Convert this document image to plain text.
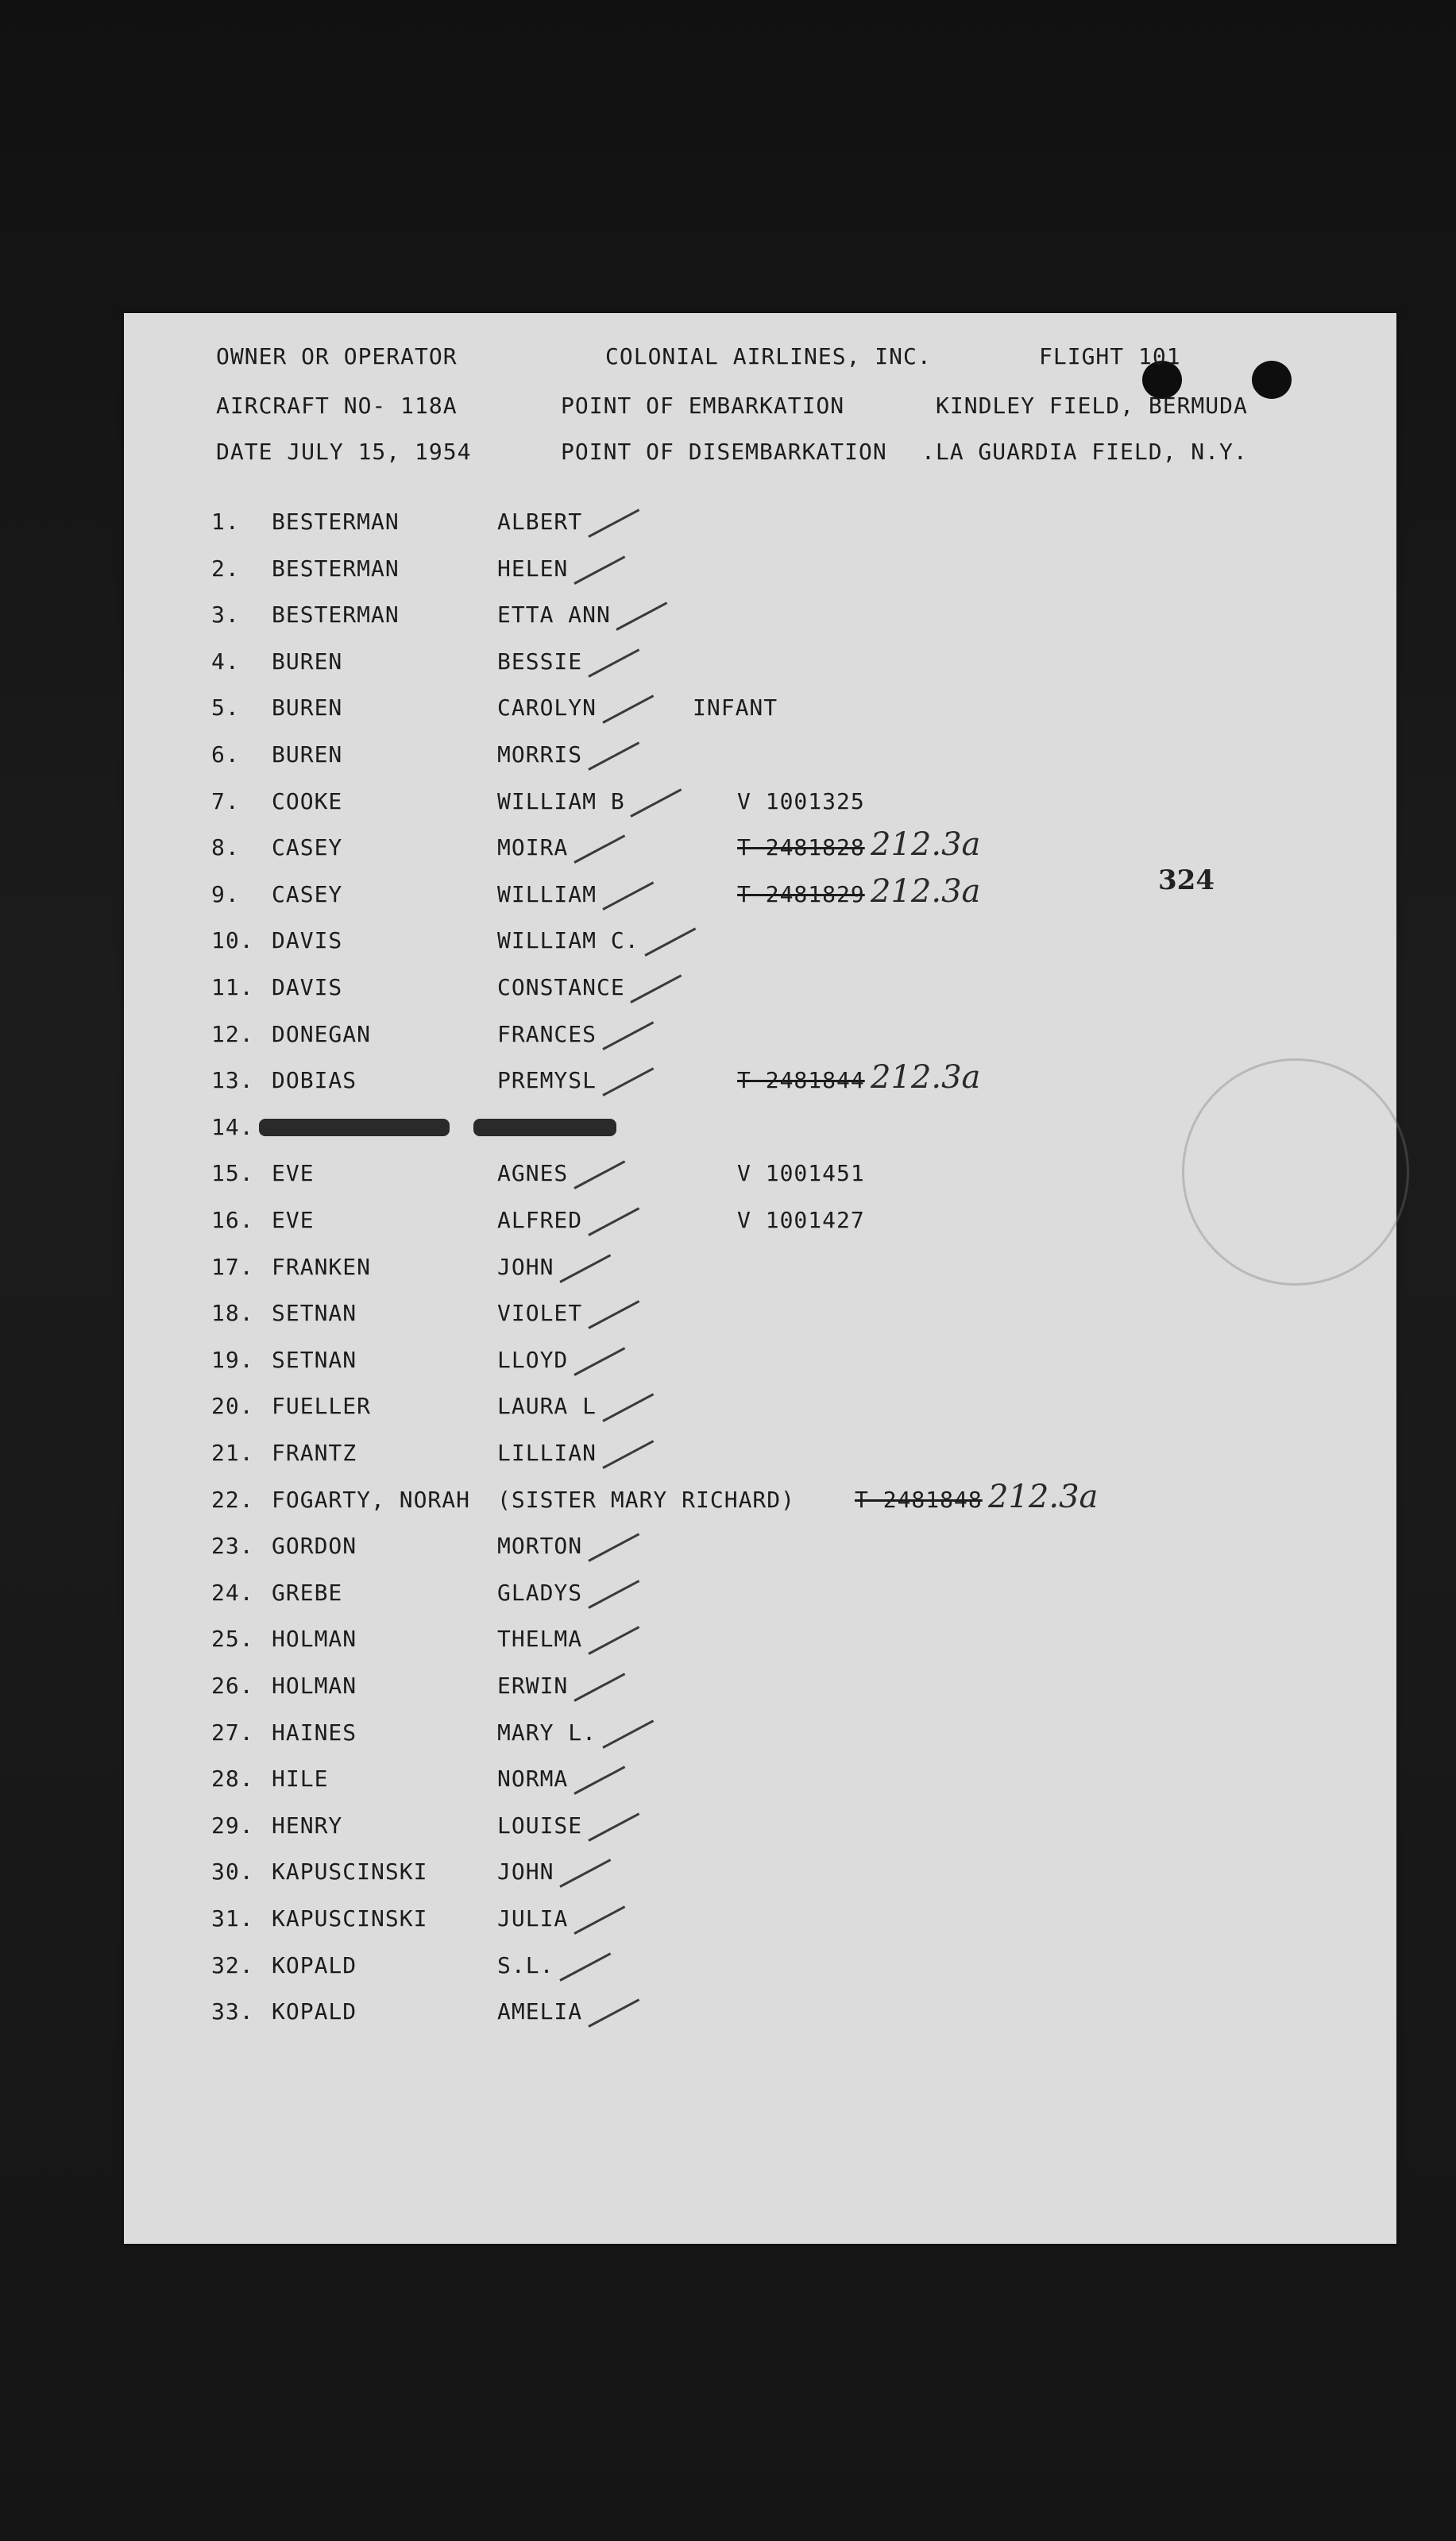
OWNER OR OPERATOR	COLONIAL AIRLINES, INC.	FLIGHT 101
AIRCRAFT NO- 118A	POINT OF EMBARKATION	KINDLEY FIELD, BERMUDA
DATE JULY 15, 1954	POINT OF DISEMBARKATION .LA GUARDIA FIELD, N.Y.
324
1. BESTERMAN	ALBERT
2. BESTERMAN	HELEN
3. BESTERMAN	ETTA ANN
4. BUREN	BESSIE
5. BUREN	CAROLYN	INFANT
6. BUREN	MORRIS
7. COOKE	WILLIAM B	V 1001325
8. CASEY	MOIRA	T 2481828 212.3a
9. CASEY	WILLIAM	T 2481829 212.3a
10. DAVIS	WILLIAM C.
11. DAVIS	CONSTANCE
12. DONEGAN	FRANCES
13. DOBIAS	PREMYSL	T 2481844 212.3a
14.
15. EVE	AGNES	V 1001451
16. EVE	ALFRED	V 1001427
17. FRANKEN	JOHN
18. SETNAN	VIOLET
19. SETNAN	LLOYD
20. FUELLER	LAURA L
21. FRANTZ	LILLIAN
22. FOGARTY, NORAH (SISTER MARY RICHARD)	T 2481848 212.3a
23. GORDON	MORTON
24. GREBE	GLADYS
25. HOLMAN	THELMA
26. HOLMAN	ERWIN
27. HAINES	MARY L.
28. HILE	NORMA
29. HENRY	LOUISE
30. KAPUSCINSKI	JOHN
31. KAPUSCINSKI	JULIA
32. KOPALD	S.L.
33. KOPALD	AMELIA
